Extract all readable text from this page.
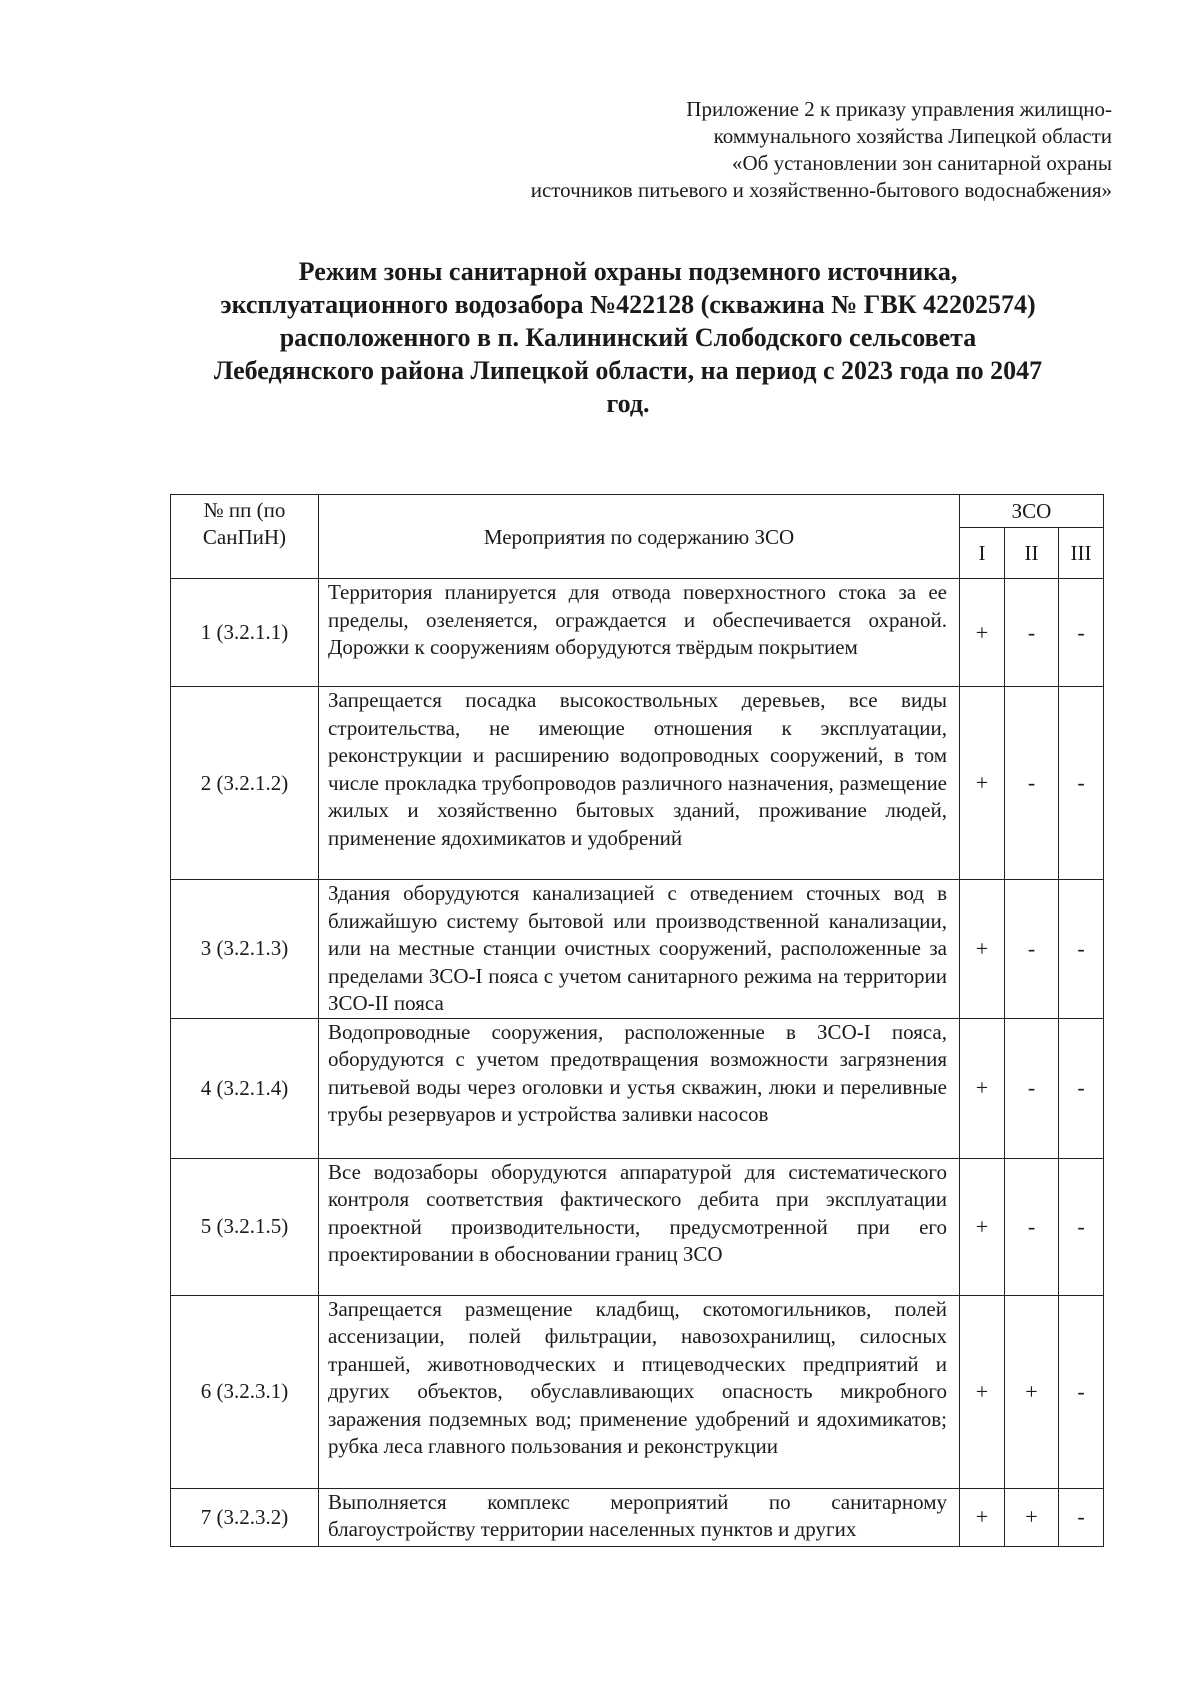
Приложение 2 к приказу управления жилищно-
коммунального хозяйства Липецкой области
«Об установлении зон санитарной охраны
источников питьевого и хозяйственно-бытового водоснабжения»
Режим зоны санитарной охраны подземного источника,
эксплуатационного водозабора №422128 (скважина № ГВК 42202574)
расположенного в п. Калининский Слободского сельсовета
Лебедянского района Липецкой области, на период с 2023 года по 2047
год.
№ пп (по
СанПиН)	Мероприятия по содержанию ЗСО	ЗСО		
		I	II	III
1 (3.2.1.1)	Территория планируется для отвода поверхностного стока за ее пределы, озеленяется, ограждается и обеспечивается охраной. Дорожки к сооружениям оборудуются твёрдым покрытием	+	-	-
2 (3.2.1.2)	Запрещается посадка высокоствольных деревьев, все виды строительства, не имеющие отношения к эксплуатации, реконструкции и расширению водопроводных сооружений, в том числе прокладка трубопроводов различного назначения, размещение жилых и хозяйственно бытовых зданий, проживание людей, применение ядохимикатов и удобрений	+	-	-
3 (3.2.1.3)	Здания оборудуются канализацией с отведением сточных вод в ближайшую систему бытовой или производственной канализации, или на местные станции очистных сооружений, расположенные за пределами ЗСО-I пояса с учетом санитарного режима на территории ЗСО-II пояса	+	-	-
4 (3.2.1.4)	Водопроводные сооружения, расположенные в ЗСО-I пояса, оборудуются с учетом предотвращения возможности загрязнения питьевой воды через оголовки и устья скважин, люки и переливные трубы резервуаров и устройства заливки насосов	+	-	-
5 (3.2.1.5)	Все водозаборы оборудуются аппаратурой для систематического контроля соответствия фактического дебита при эксплуатации проектной производительности, предусмотренной при его проектировании в обосновании границ ЗСО	+	-	-
6 (3.2.3.1)	Запрещается размещение кладбищ, скотомогильников, полей ассенизации, полей фильтрации, навозохранилищ, силосных траншей, животноводческих и птицеводческих предприятий и других объектов, обуславливающих опасность микробного заражения подземных вод; применение удобрений и ядохимикатов; рубка леса главного пользования и реконструкции	+	+	-
7 (3.2.3.2)	Выполняется комплекс мероприятий по санитарному благоустройству территории населенных пунктов и других	+	+	-
